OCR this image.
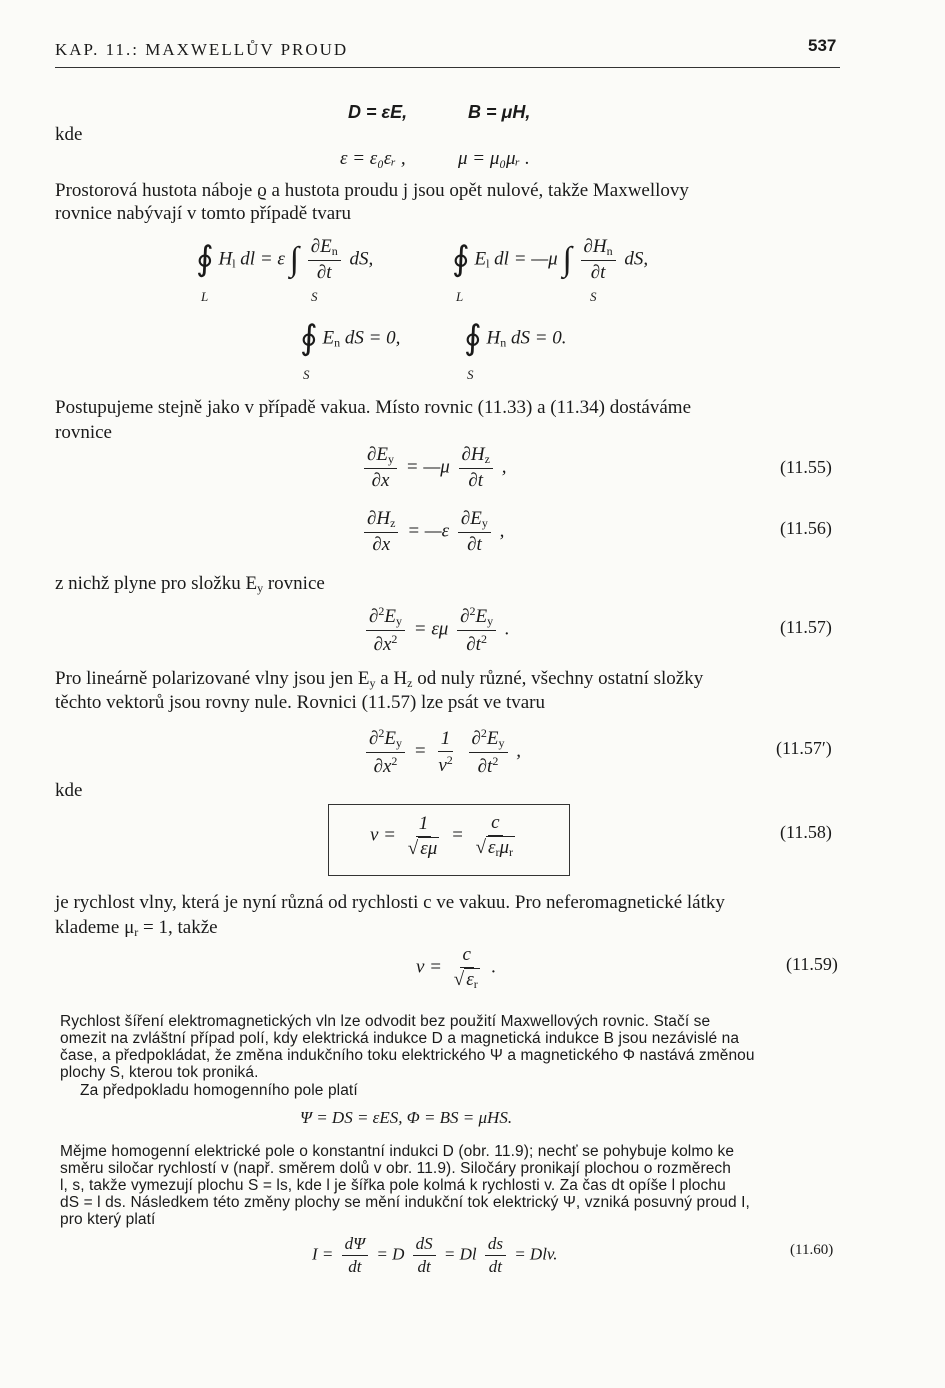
KAP. 11.: MAXWELLŮV PROUD	537
D = εE,	B = μH,
kde
ε = ε₀εᵣ ,	μ = μ₀μᵣ .
Prostorová hustota náboje ϱ a hustota proudu j jsou opět nulové, takže Maxwellovy
rovnice nabývají v tomto případě tvaru
∮ $H_l$ dl = ε ∫ $\frac{\partial E_n}{\partial t}$ dS,
L	S
∮ $E_l$ dl = —μ ∫ $\frac{\partial H_n}{\partial t}$ dS,
L	S
∮ $E_n$ dS = 0,
S
∮ $H_n$ dS = 0.
S
Postupujeme stejně jako v případě vakua. Místo rovnic (11.33) a (11.34) dostáváme
rovnice
$\frac{\partial E_y}{\partial x}$ = —μ $\frac{\partial H_z}{\partial t}$ ,	(11.55)
$\frac{\partial H_z}{\partial x}$ = —ε $\frac{\partial E_y}{\partial t}$ ,	(11.56)
z nichž plyne pro složku $E_y$ rovnice
$\frac{\partial^2E_y}{\partial x^2} = \varepsilon\mu \frac{\partial^2E_y}{\partial t^2}$ .	(11.57)
Pro lineárně polarizované vlny jsou jen $E_y$ a $H_z$ od nuly různé, všechny ostatní složky
těchto vektorů jsou rovny nule. Rovnici (11.57) lze psát ve tvaru
$\frac{\partial^2E_y}{\partial x^2} = \frac{1}{v^2}$
$\frac{\partial^2E_y}{\partial t^2}$ ,	(11.57′)
kde
$v = \frac{1}{√ \varepsilon\mu} = \frac{c}{√ \varepsilon_r\mu_r}$	(11.58)
je rychlost vlny, která je nyní různá od rychlosti c ve vakuu. Pro neferomagnetické látky
klademe $\mu_r = 1$, takže
$v = \frac{c}{√ \varepsilon_r}$ .	(11.59)
Rychlost šíření elektromagnetických vln lze odvodit bez použití Maxwellových rovnic. Stačí se
omezit na zvláštní případ polí, kdy elektrická indukce D a magnetická indukce B jsou nezávislé na
čase, a předpokládat, že změna indukčního toku elektrického Ψ a magnetického Φ nastává změnou
plochy S, kterou tok proniká.
Za předpokladu homogenního pole platí
Ψ = DS = εES, Φ = BS = μHS.
Mějme homogenní elektrické pole o konstantní indukci D (obr. 11.9); nechť se pohybuje kolmo ke
směru siločar rychlostí v (např. směrem dolů v obr. 11.9). Siločáry pronikají plochou o rozměrech
l, s, takže vymezují plochu S = ls, kde l je šířka pole kolmá k rychlosti v. Za čas dt opíše l plochu
dS = l ds. Následkem této změny plochy se mění indukční tok elektrický Ψ, vzniká posuvný proud I,
pro který platí
$I = \frac{d\Psi}{dt} = D \frac{dS}{dt} = Dl \frac{ds}{dt}$ = Dlv.	(11.60)
